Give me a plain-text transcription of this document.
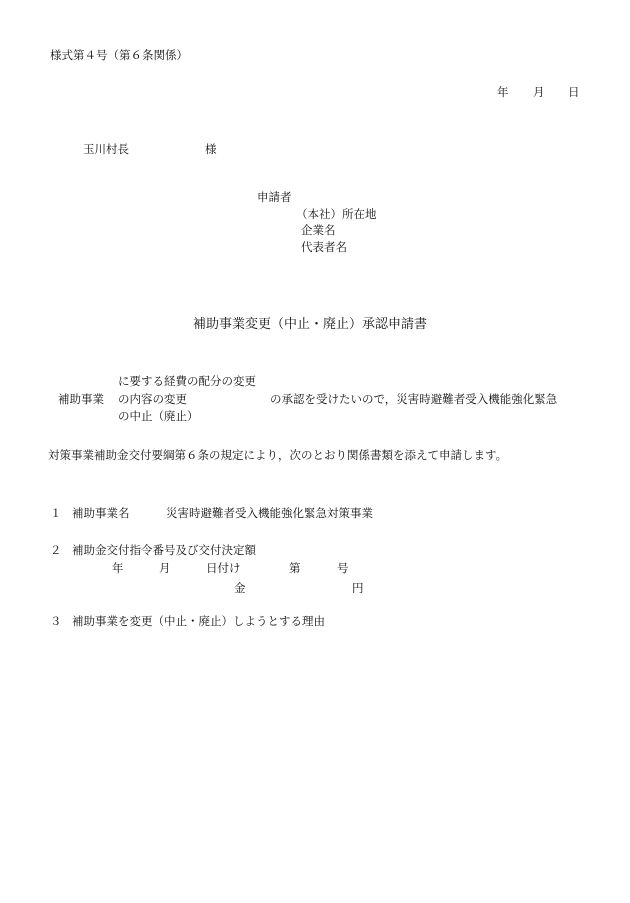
様式第４号（第６条関係）
年 月 日
玉川村長	様
申請者
（本社）所在地
企業名
代表者名
補助事業変更（中止・廃止）承認申請書
に要する経費の配分の変更
補助事業 の内容の変更	の承認を受けたいので，災害時避難者受入機能強化緊急
の中止（廃止）
対策事業補助金交付要綱第６条の規定により，次のとおり関係書類を添えて申請します。
１ 補助事業名	災害時避難者受入機能強化緊急対策事業
２ 補助金交付指令番号及び交付決定額
年	月	日付け	第	号
金	円
３ 補助事業を変更（中止・廃止）しようとする理由
